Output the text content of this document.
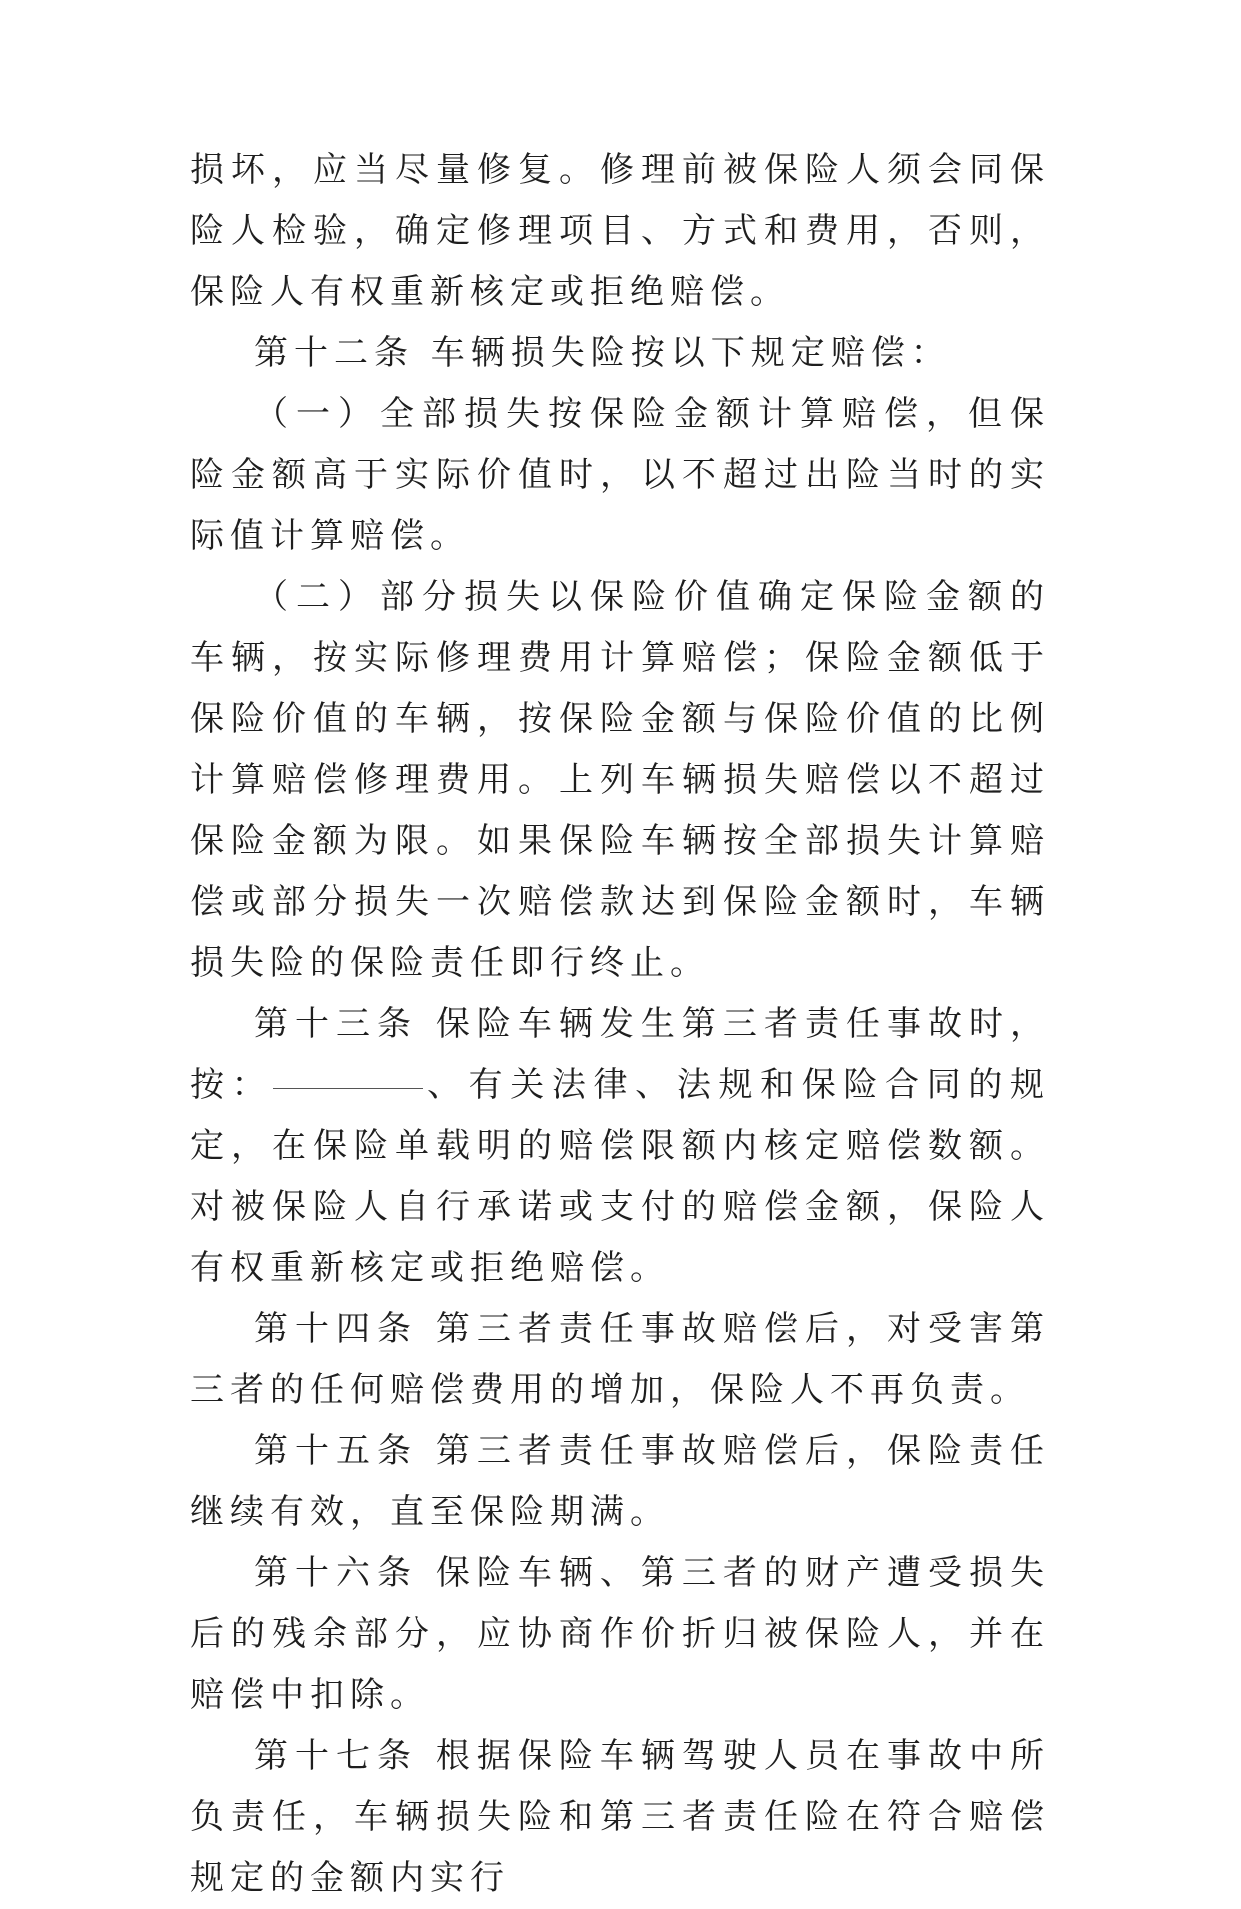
损坏，应当尽量修复。修理前被保险人须会同保险人检验，确定修理项目、方式和费用，否则，保险人有权重新核定或拒绝赔偿。

第十二条 车辆损失险按以下规定赔偿：

（一）全部损失按保险金额计算赔偿，但保险金额高于实际价值时，以不超过出险当时的实际值计算赔偿。

（二）部分损失以保险价值确定保险金额的车辆，按实际修理费用计算赔偿；保险金额低于保险价值的车辆，按保险金额与保险价值的比例计算赔偿修理费用。上列车辆损失赔偿以不超过保险金额为限。如果保险车辆按全部损失计算赔偿或部分损失一次赔偿款达到保险金额时，车辆损失险的保险责任即行终止。

第十三条 保险车辆发生第三者责任事故时，按：	、有关法律、法规和保险合同的规定，在保险单载明的赔偿限额内核定赔偿数额。对被保险人自行承诺或支付的赔偿金额，保险人有权重新核定或拒绝赔偿。

第十四条 第三者责任事故赔偿后，对受害第三者的任何赔偿费用的增加，保险人不再负责。

第十五条 第三者责任事故赔偿后，保险责任继续有效，直至保险期满。

第十六条 保险车辆、第三者的财产遭受损失后的残余部分，应协商作价折归被保险人，并在赔偿中扣除。

第十七条 根据保险车辆驾驶人员在事故中所负责任，车辆损失险和第三者责任险在符合赔偿规定的金额内实行
